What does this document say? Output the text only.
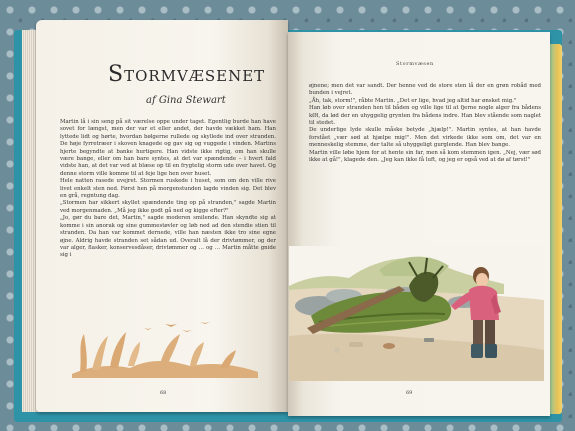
Stormvæsenet
af Gina Stewart

Martin lå i sin seng på sit værelse oppe under taget. Egentlig burde han have sovet for længst, men der var et eller andet, der havde vækket ham. Han lyttede lidt og hørte, hvordan bølgerne rullede og skyllede ind over stranden. De høje fyrretræer i skoven knagede og gav sig og vuggede i vinden. Martins hjerte begyndte at banke hurtigere. Han vidste ikke rigtig, om han skulle være bange, eller om han bare syntes, at det var spændende – i hvert fald vidste han, at det var ved at blæse op til en frygtelig storm ude over havet. Og denne storm ville komme til at feje lige hen over huset.

Hele natten rasede uvejret. Stormen ruskede i huset, som om den ville rive livet enkelt sten ned. Først hen på morgenstunden lagde vinden sig. Det blev en grå, regntung dag.

„Stormen har sikkert skyllet spændende ting op på stranden," sagde Martin ved morgenmaden. „Må jeg ikke godt gå ned og kigge efter?"

„Jo, gør du bare det, Martin," sagde moderen smilende. Han skyndte sig at komme i sin anorak og sine gummestøvler og løb ned ad den stendie stien til stranden. Da han var kommet dernede, ville han næsten ikke tro sine egne øjne. Aldrig havde stranden set sådan ud. Overalt lå der drivtømmer, og der var alger, flasker, konservesdåser, drivtømmer og … og … Martin måtte gnide sig i

68
Stormvæsen

øjnene; men det var sandt. Der henne ved de store sten lå der en grøn robåd med bunden i vejret.

„Åh, tak, storm!", råbte Martin. „Det er lige, hvad jeg altid har ønsket mig."

Han løb over stranden hen til båden og ville lige til at fjerne nogle alger fra bådens kØl, da lød der en uhyggelig grynten fra bådens indre. Han blev stående som naglet til stedet.

De underlige lyde skulle måske betyde „hjælp!". Martin syntes, at han havde forstået „vær sød at hjælpe mig!". Men det virkede ikke som om, det var en menneskelig stemme, der talte så uhyggeligt gurglende. Han blev bange.

Martin ville løbe hjem for at hente sin far, men så kom stemmen igen. „Nej, vær sød ikke at gå!", klagede den. „Jeg kan ikke få luft, og jeg er også ved at dø af tørst!"

69
